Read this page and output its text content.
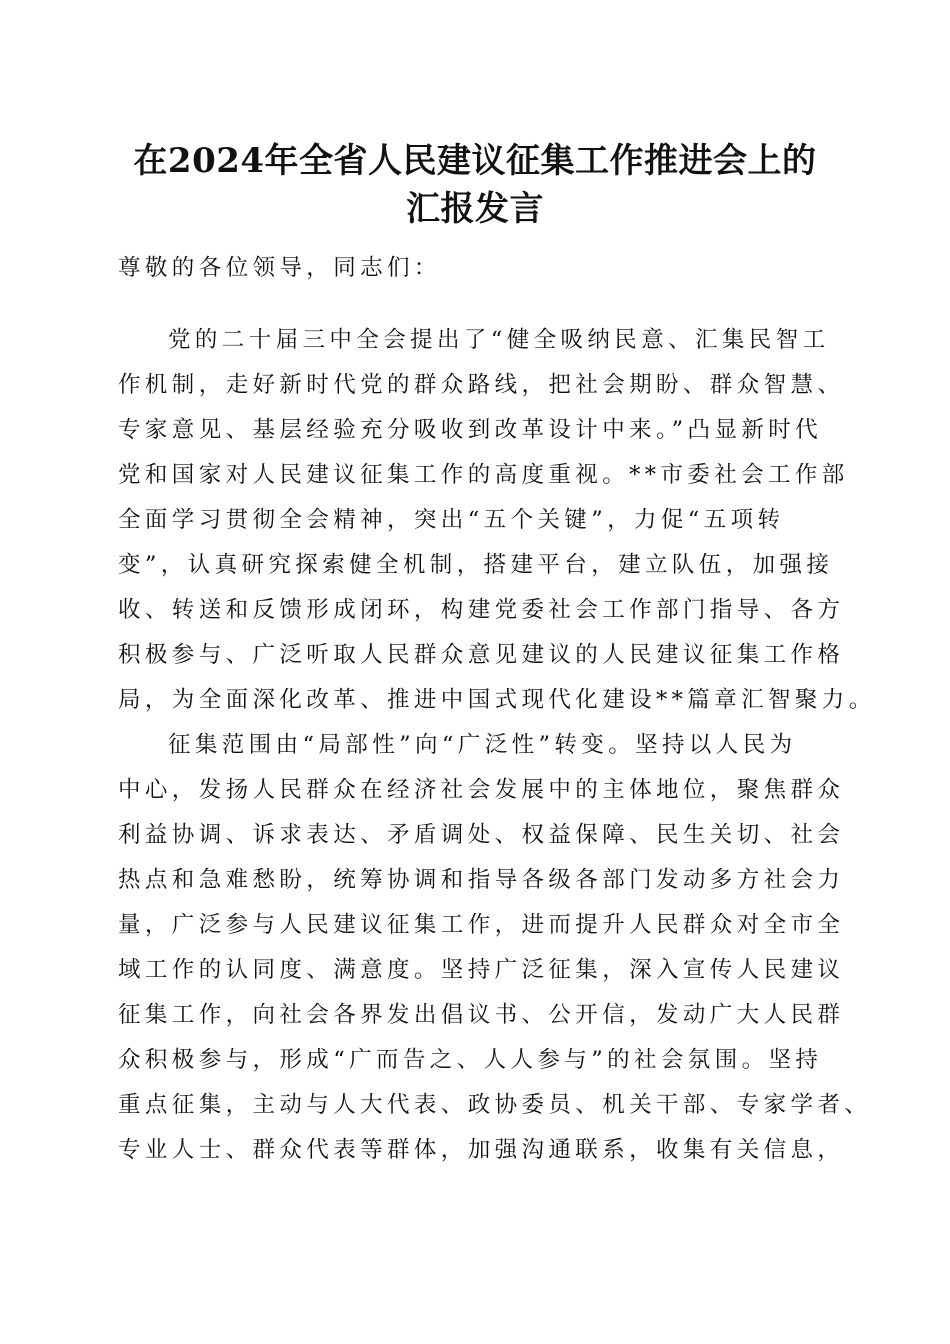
在2024年全省人民建议征集工作推进会上的
汇报发言

尊敬的各位领导，同志们：

党的二十届三中全会提出了“健全吸纳民意、汇集民智工

作机制，走好新时代党的群众路线，把社会期盼、群众智慧、

专家意见、基层经验充分吸收到改革设计中来。”凸显新时代

党和国家对人民建议征集工作的高度重视。**市委社会工作部

全面学习贯彻全会精神，突出“五个关键”，力促“五项转

变”，认真研究探索健全机制，搭建平台，建立队伍，加强接

收、转送和反馈形成闭环，构建党委社会工作部门指导、各方

积极参与、广泛听取人民群众意见建议的人民建议征集工作格

局，为全面深化改革、推进中国式现代化建设**篇章汇智聚力。

征集范围由“局部性”向“广泛性”转变。坚持以人民为

中心，发扬人民群众在经济社会发展中的主体地位，聚焦群众

利益协调、诉求表达、矛盾调处、权益保障、民生关切、社会

热点和急难愁盼，统筹协调和指导各级各部门发动多方社会力

量，广泛参与人民建议征集工作，进而提升人民群众对全市全

域工作的认同度、满意度。坚持广泛征集，深入宣传人民建议

征集工作，向社会各界发出倡议书、公开信，发动广大人民群

众积极参与，形成“广而告之、人人参与”的社会氛围。坚持

重点征集，主动与人大代表、政协委员、机关干部、专家学者、

专业人士、群众代表等群体，加强沟通联系，收集有关信息，
